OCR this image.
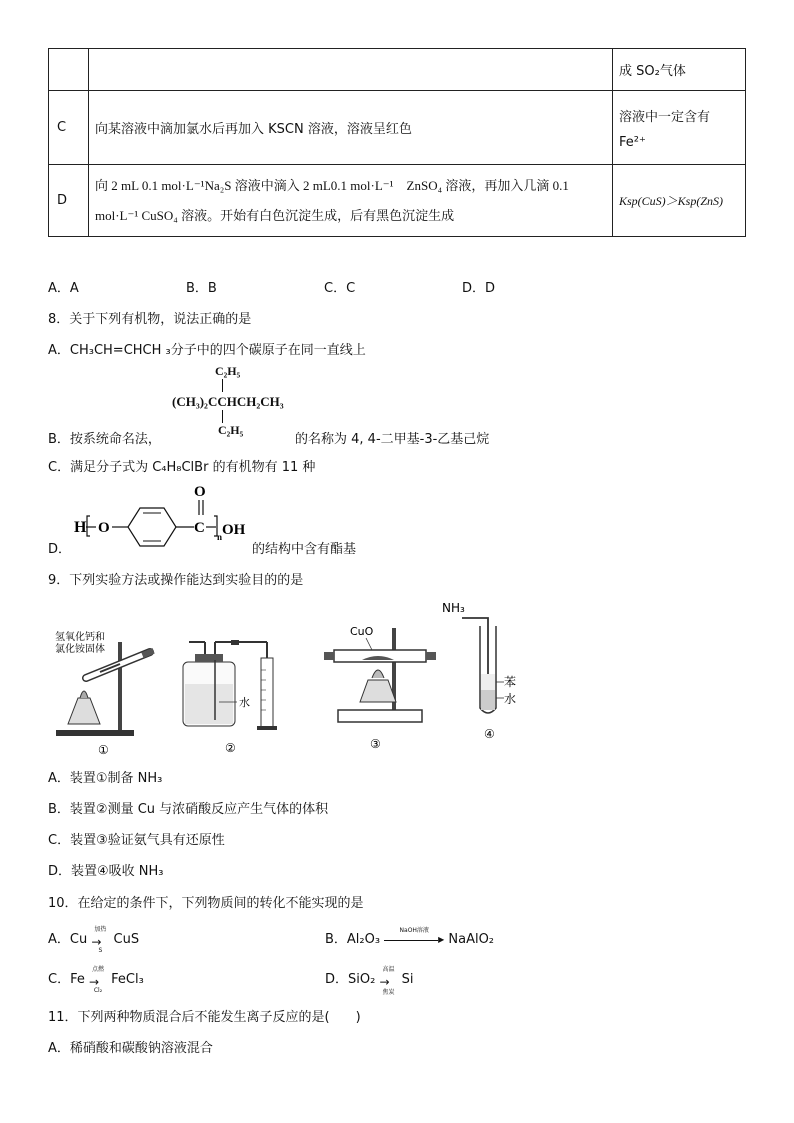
		成 SO₂气体
C	向某溶液中滴加氯水后再加入 KSCN 溶液，溶液呈红色	溶液中一定含有
Fe²⁺

D	向 2 mL 0.1 mol·L⁻¹Na₂S 溶液中滴入 2 mL0.1 mol·L⁻¹　ZnSO₄ 溶液，再加入几滴 0.1
mol·L⁻¹ CuSO₄ 溶液。开始有白色沉淀生成，后有黑色沉淀生成	Ksp(CuS)＞Ksp(ZnS)
A．A	B．B	C．C	D．D
8．关于下列有机物，说法正确的是
A．CH₃CH=CHCH ₃分子中的四个碳原子在同一直线上
C₂H₅
(CH₃)₂CCHCH₂CH₃
C₂H₅
B．按系统命名法，	的名称为 4, 4-二甲基-3-乙基己烷
C．满足分子式为 C₄H₈ClBr 的有机物有 11 种
H O	C
O
n OH
D．	的结构中含有酯基
9．下列实验方法或操作能达到实验目的的是
氢氧化钙和
氯化铵固体
①
水
②
CuO
③
NH₃
苯
水
④
A．装置①制备 NH₃
B．装置②测量 Cu 与浓硝酸反应产生气体的体积
C．装置③验证氨气具有还原性
D．装置④吸收 NH₃
10．在给定的条件下，下列物质间的转化不能实现的是
A．Cu
加热
→
S
CuS	B．Al₂O₃
NaOH溶液
▶ NaAlO₂
C．Fe
点燃
→
Cl₂
FeCl₃	D．SiO₂
高温
→
焦炭
Si
11．下列两种物质混合后不能发生离子反应的是(　　)
A．稀硝酸和碳酸钠溶液混合
